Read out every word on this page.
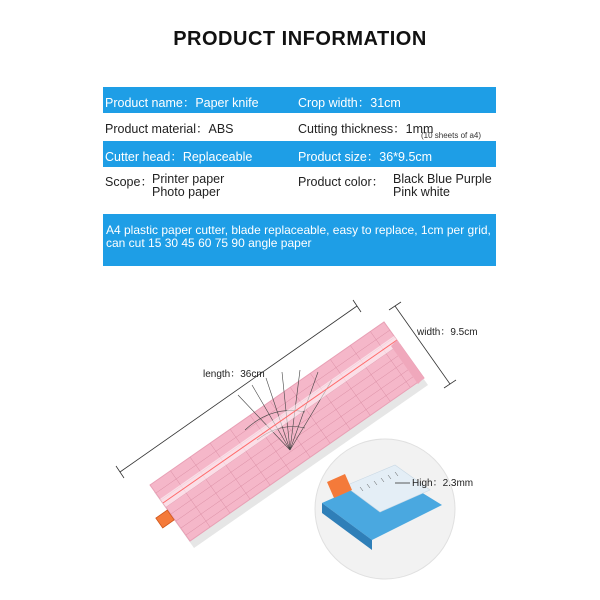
PRODUCT INFORMATION
Product name：Paper knife	Crop width：31cm
Product material：ABS	Cutting thickness：1mm
(10 sheets of a4)
Cutter head：Replaceable	Product size：36*9.5cm
Scope： Printer paper
Photo paper
Product color： Black Blue Purple
Pink white
A4 plastic paper cutter, blade replaceable, easy to replace, 1cm per grid, can cut 15 30 45 60 75 90 angle paper
length：36cm
width：9.5cm
High：2.3mm
